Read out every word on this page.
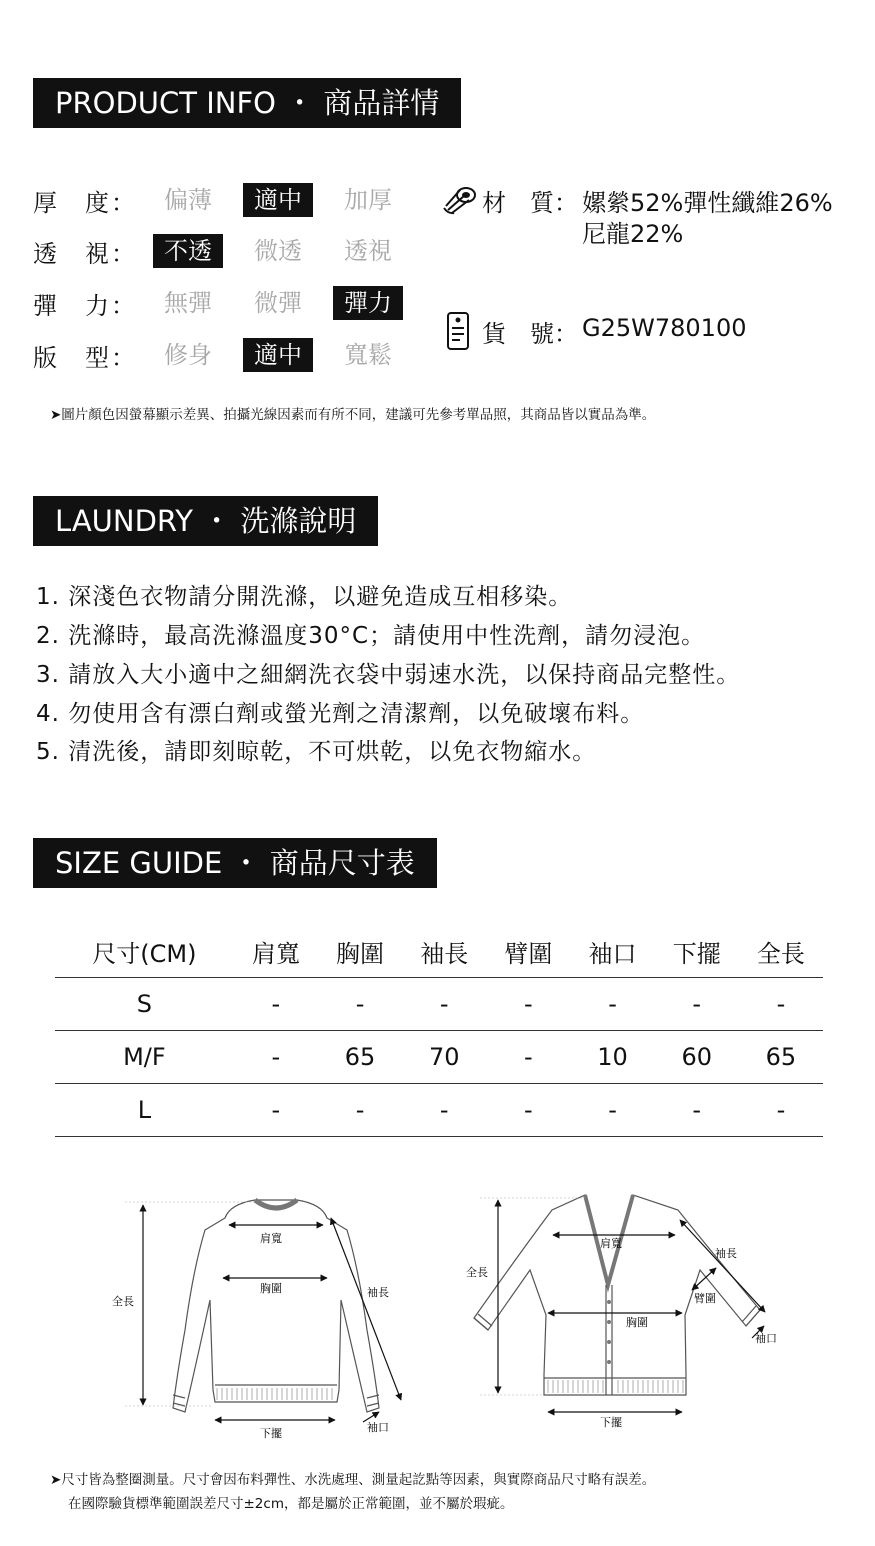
PRODUCT INFO ・ 商品詳情
厚　度：	偏薄	適中	加厚
透　視：	不透	微透	透視
彈　力：	無彈	微彈	彈力
版　型：	修身	適中	寬鬆
材　質： 嫘縈52%彈性纖維26%
尼龍22%
貨　號： G25W780100
➤圖片顏色因螢幕顯示差異、拍攝光線因素而有所不同，建議可先參考單品照，其商品皆以實品為準。
LAUNDRY ・ 洗滌說明
1. 深淺色衣物請分開洗滌，以避免造成互相移染。
2. 洗滌時，最高洗滌溫度30°C；請使用中性洗劑，請勿浸泡。
3. 請放入大小適中之細網洗衣袋中弱速水洗，以保持商品完整性。
4. 勿使用含有漂白劑或螢光劑之清潔劑，以免破壞布料。
5. 清洗後，請即刻晾乾，不可烘乾，以免衣物縮水。
SIZE GUIDE ・ 商品尺寸表
尺寸(CM)	肩寬	胸圍	袖長	臂圍	袖口	下擺	全長
S	-	-	-	-	-	-	-
M/F	-	65	70	-	10	60	65
L	-	-	-	-	-	-	-
肩寬
胸圍
全長
袖長
下擺	袖口
肩寬
胸圍
全長
袖長
臂圍
下擺
袖口
➤尺寸皆為整圈測量。尺寸會因布料彈性、水洗處理、測量起訖點等因素，與實際商品尺寸略有誤差。
在國際驗貨標準範圍誤差尺寸±2cm，都是屬於正常範圍，並不屬於瑕疵。
